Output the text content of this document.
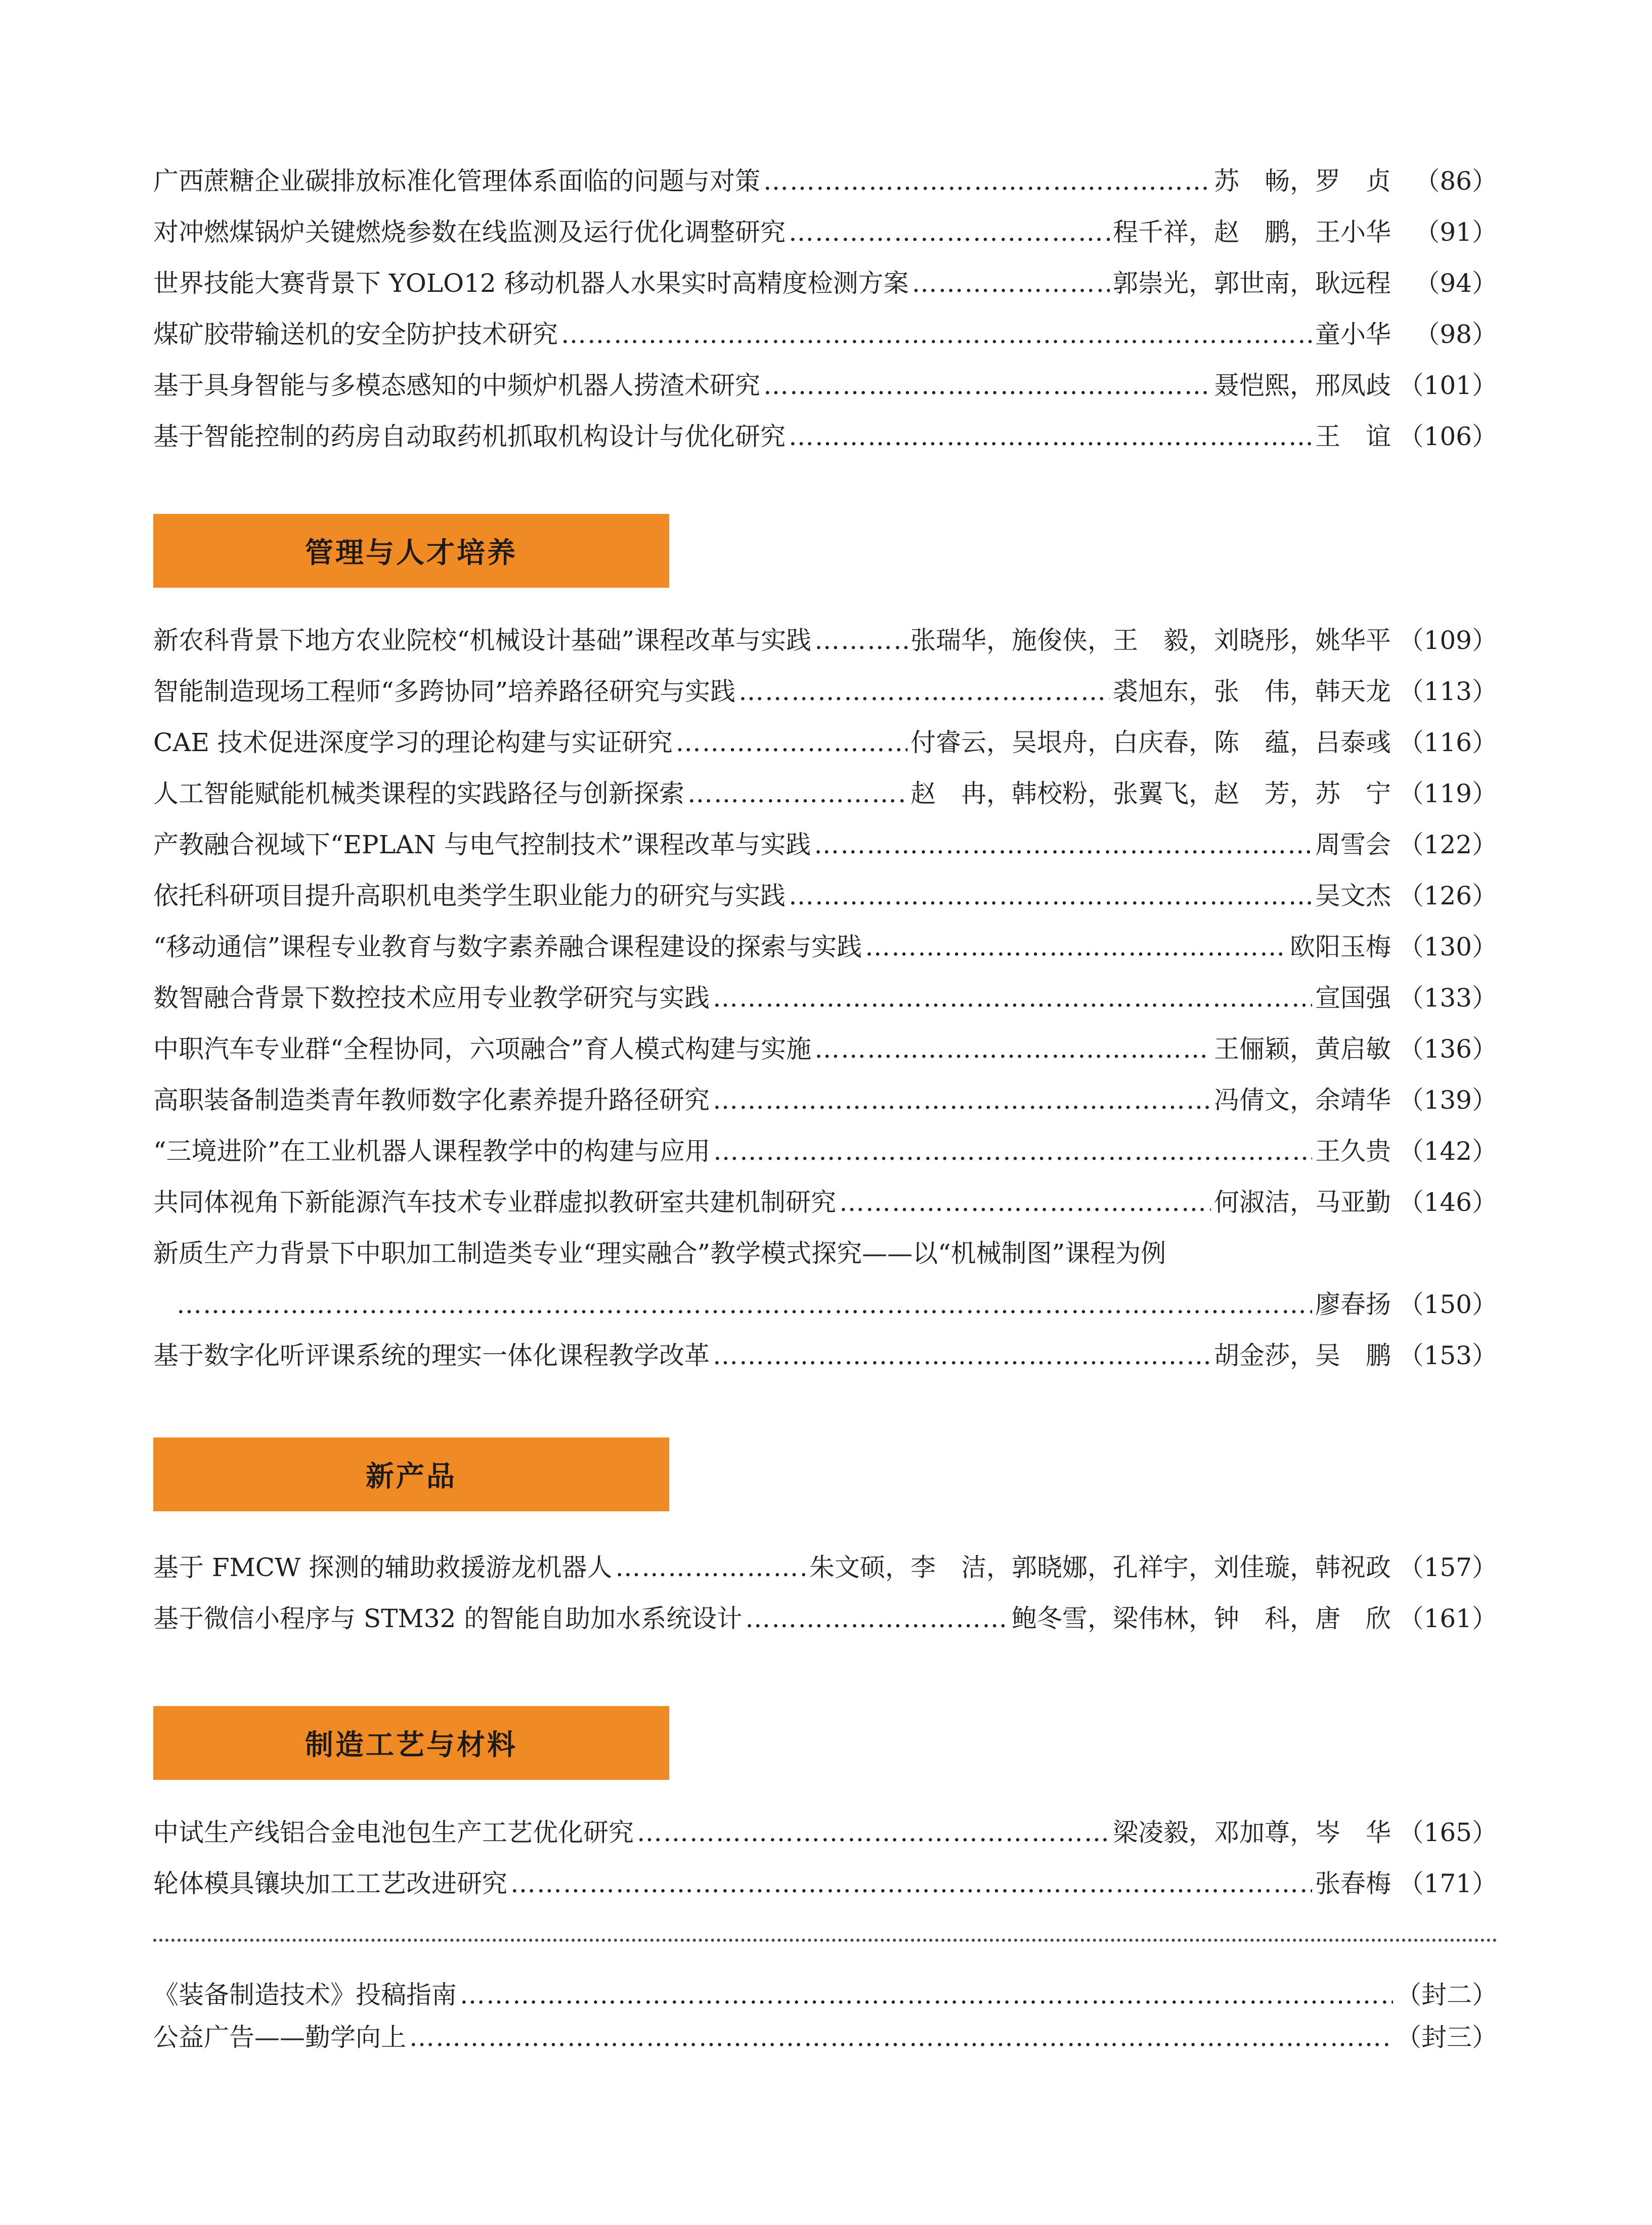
广西蔗糖企业碳排放标准化管理体系面临的问题与对策 ………………………………………………………………………………………………………………………………………………………………………………………………………………	苏　畅，罗　贞 （86）
对冲燃煤锅炉关键燃烧参数在线监测及运行优化调整研究 ………………………………………………………………………………………………………………………………………………………………………………………………………………	程千祥，赵　鹏，王小华 （91）
世界技能大赛背景下 YOLO12 移动机器人水果实时高精度检测方案 ………………………………………………………………………………………………………………………………………………………………………………………………………………	郭崇光，郭世南，耿远程 （94）
煤矿胶带输送机的安全防护技术研究 ………………………………………………………………………………………………………………………………………………………………………………………………………………	童小华 （98）
基于具身智能与多模态感知的中频炉机器人捞渣术研究 ………………………………………………………………………………………………………………………………………………………………………………………………………………	聂恺熙，邢凤歧 （101）
基于智能控制的药房自动取药机抓取机构设计与优化研究 ………………………………………………………………………………………………………………………………………………………………………………………………………………	王　谊 （106）
管理与人才培养
新农科背景下地方农业院校“机械设计基础”课程改革与实践 ………………………………………………………………………………………………………………………………………………………………………………………………………………	张瑞华，施俊侠，王　毅，刘晓彤，姚华平 （109）
智能制造现场工程师“多跨协同”培养路径研究与实践 ………………………………………………………………………………………………………………………………………………………………………………………………………………	裘旭东，张　伟，韩天龙 （113）
CAE 技术促进深度学习的理论构建与实证研究 ………………………………………………………………………………………………………………………………………………………………………………………………………………	付睿云，吴垠舟，白庆春，陈　蕴，吕泰彧 （116）
人工智能赋能机械类课程的实践路径与创新探索 ………………………………………………………………………………………………………………………………………………………………………………………………………………	赵　冉，韩校粉，张翼飞，赵　芳，苏　宁 （119）
产教融合视域下“EPLAN 与电气控制技术”课程改革与实践 ………………………………………………………………………………………………………………………………………………………………………………………………………………	周雪会 （122）
依托科研项目提升高职机电类学生职业能力的研究与实践 ………………………………………………………………………………………………………………………………………………………………………………………………………………	吴文杰 （126）
“移动通信”课程专业教育与数字素养融合课程建设的探索与实践 ………………………………………………………………………………………………………………………………………………………………………………………………………………	欧阳玉梅 （130）
数智融合背景下数控技术应用专业教学研究与实践 ………………………………………………………………………………………………………………………………………………………………………………………………………………	宣国强 （133）
中职汽车专业群“全程协同，六项融合”育人模式构建与实施 ………………………………………………………………………………………………………………………………………………………………………………………………………………	王俪颖，黄启敏 （136）
高职装备制造类青年教师数字化素养提升路径研究 ………………………………………………………………………………………………………………………………………………………………………………………………………………	冯倩文，余靖华 （139）
“三境进阶”在工业机器人课程教学中的构建与应用 ………………………………………………………………………………………………………………………………………………………………………………………………………………	王久贵 （142）
共同体视角下新能源汽车技术专业群虚拟教研室共建机制研究 ………………………………………………………………………………………………………………………………………………………………………………………………………………	何淑洁，马亚勤 （146）
新质生产力背景下中职加工制造类专业“理实融合”教学模式探究——以“机械制图”课程为例
………………………………………………………………………………………………………………………………………………………………………………………………………………
廖春扬 （150）
基于数字化听评课系统的理实一体化课程教学改革 ………………………………………………………………………………………………………………………………………………………………………………………………………………	胡金莎，吴　鹏 （153）
新产品
基于 FMCW 探测的辅助救援游龙机器人 ………………………………………………………………………………………………………………………………………………………………………………………………………………	朱文硕，李　洁，郭晓娜，孔祥宇，刘佳璇，韩祝政 （157）
基于微信小程序与 STM32 的智能自助加水系统设计 ………………………………………………………………………………………………………………………………………………………………………………………………………………	鲍冬雪，梁伟林，钟　科，唐　欣 （161）
制造工艺与材料
中试生产线铝合金电池包生产工艺优化研究 ………………………………………………………………………………………………………………………………………………………………………………………………………………	梁凌毅，邓加尊，岑　华 （165）
轮体模具镶块加工工艺改进研究 ………………………………………………………………………………………………………………………………………………………………………………………………………………	张春梅 （171）
《装备制造技术》投稿指南 ………………………………………………………………………………………………………………………………………………………………………………………………………………	（封二）
公益广告——勤学向上 ………………………………………………………………………………………………………………………………………………………………………………………………………………	（封三）
